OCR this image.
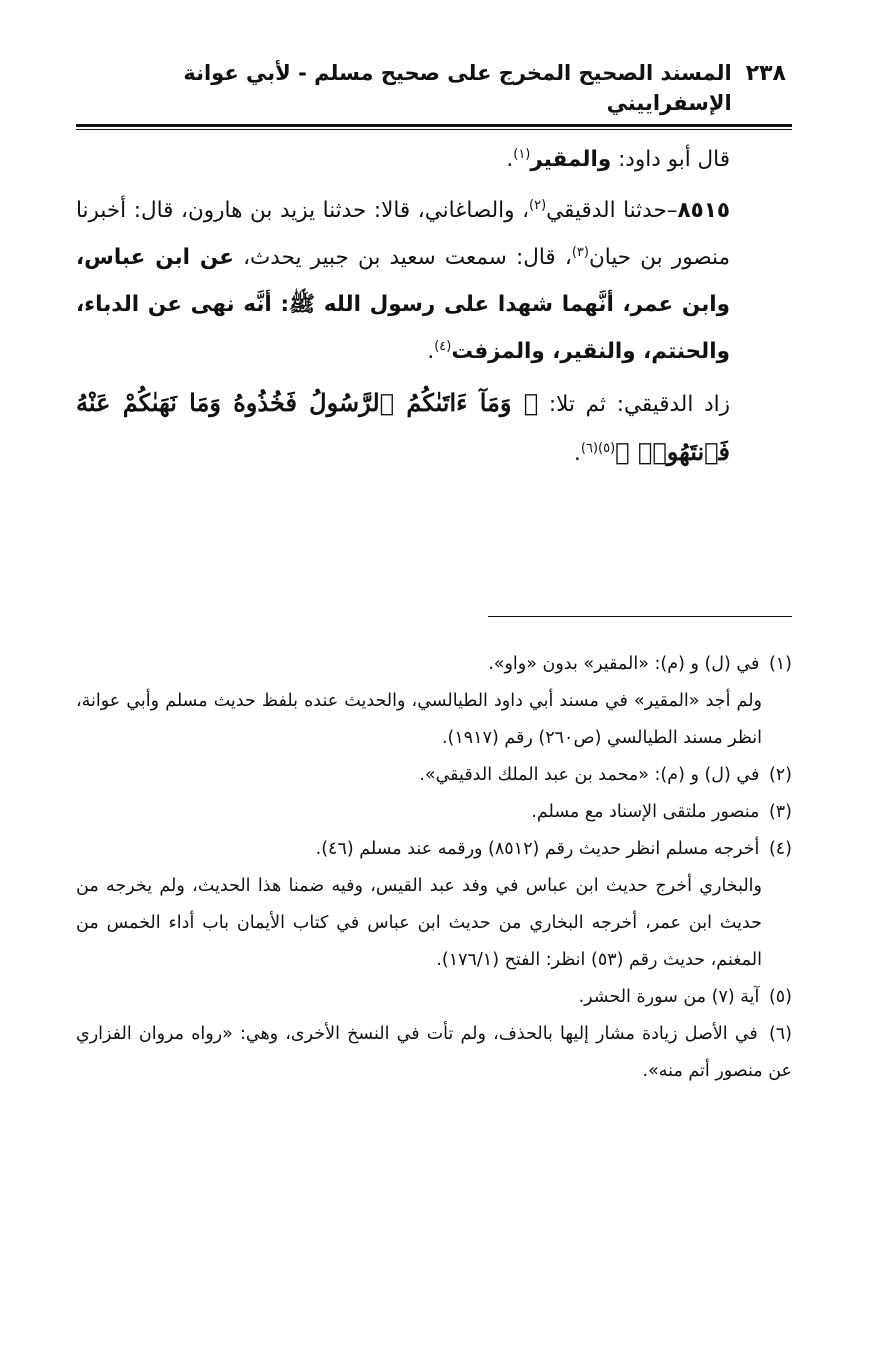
٢٣٨
المسند الصحيح المخرج على صحيح مسلم - لأبي عوانة الإسفراييني
قال أبو داود: والمقير$^{(١)}$.
٨٥١٥–حدثنا الدقيقي$^{(٢)}$، والصاغاني، قالا: حدثنا يزيد بن هارون، قال: أخبرنا منصور بن حيان$^{(٣)}$، قال: سمعت سعيد بن جبير يحدث، عن ابن عباس، وابن عمر، أنَّهما شهدا على رسول الله ﷺ: أنَّه نهى عن الدباء، والحنتم، والنقير، والمزفت$^{(٤)}$.
زاد الدقيقي: ثم تلا: ﴿ وَمَآ ءَاتَىٰكُمُ ٱلرَّسُولُ فَخُذُوهُ وَمَا نَهَىٰكُمْ عَنْهُ فَٱنتَهُوا۟ ﴾$^{(٥)(٦)}$.
(١) في (ل) و (م): «المقير» بدون «واو».
ولم أجد «المقير» في مسند أبي داود الطيالسي، والحديث عنده بلفظ حديث مسلم وأبي عوانة، انظر مسند الطيالسي (ص٢٦٠) رقم (١٩١٧).
(٢) في (ل) و (م): «محمد بن عبد الملك الدقيقي».
(٣) منصور ملتقى الإسناد مع مسلم.
(٤) أخرجه مسلم انظر حديث رقم (٨٥١٢) ورقمه عند مسلم (٤٦).
والبخاري أخرج حديث ابن عباس في وفد عبد القيس، وفيه ضمنا هذا الحديث، ولم يخرجه من حديث ابن عمر، أخرجه البخاري من حديث ابن عباس في كتاب الأيمان باب أداء الخمس من المغنم، حديث رقم (٥٣) انظر: الفتح (١٧٦/١).
(٥) آية (٧) من سورة الحشر.
(٦) في الأصل زيادة مشار إليها بالحذف، ولم تأت في النسخ الأخرى، وهي: «رواه مروان الفزاري عن منصور أتم منه».
